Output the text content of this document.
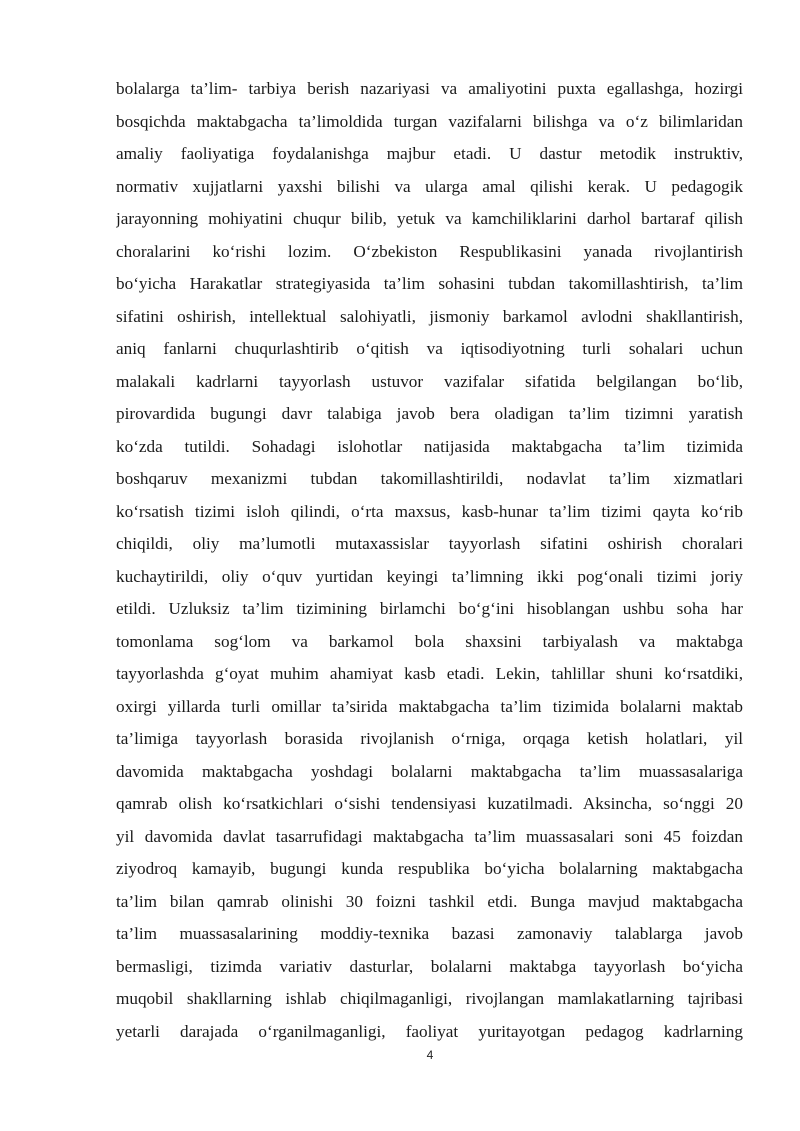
bolalarga ta’lim- tarbiya berish nazariyasi va amaliyotini puxta egallashga, hozirgi
bosqichda maktabgacha ta’limoldida turgan vazifalarni bilishga va o‘z bilimlaridan
amaliy faoliyatiga foydalanishga majbur etadi. U dastur metodik instruktiv,
normativ xujjatlarni yaxshi bilishi va ularga amal qilishi kerak. U pedagogik
jarayonning mohiyatini chuqur bilib, yetuk va kamchiliklarini darhol bartaraf qilish
choralarini ko‘rishi lozim. O‘zbekiston Respublikasini yanada rivojlantirish
bo‘yicha Harakatlar strategiyasida ta’lim sohasini tubdan takomillashtirish, ta’lim
sifatini oshirish, intellektual salohiyatli, jismoniy barkamol avlodni shakllantirish,
aniq fanlarni chuqurlashtirib o‘qitish va iqtisodiyotning turli sohalari uchun
malakali kadrlarni tayyorlash ustuvor vazifalar sifatida belgilangan bo‘lib,
pirovardida bugungi davr talabiga javob bera oladigan ta’lim tizimni yaratish
ko‘zda tutildi. Sohadagi islohotlar natijasida maktabgacha ta’lim tizimida
boshqaruv mexanizmi tubdan takomillashtirildi, nodavlat ta’lim xizmatlari
ko‘rsatish tizimi isloh qilindi, o‘rta maxsus, kasb-hunar ta’lim tizimi qayta ko‘rib
chiqildi, oliy ma’lumotli mutaxassislar tayyorlash sifatini oshirish choralari
kuchaytirildi, oliy o‘quv yurtidan keyingi ta’limning ikki pog‘onali tizimi joriy
etildi. Uzluksiz ta’lim tizimining birlamchi bo‘g‘ini hisoblangan ushbu soha har
tomonlama sog‘lom va barkamol bola shaxsini tarbiyalash va maktabga
tayyorlashda g‘oyat muhim ahamiyat kasb etadi. Lekin, tahlillar shuni ko‘rsatdiki,
oxirgi yillarda turli omillar ta’sirida maktabgacha ta’lim tizimida bolalarni maktab
ta’limiga tayyorlash borasida rivojlanish o‘rniga, orqaga ketish holatlari, yil
davomida maktabgacha yoshdagi bolalarni maktabgacha ta’lim muassasalariga
qamrab olish ko‘rsatkichlari o‘sishi tendensiyasi kuzatilmadi. Aksincha, so‘nggi 20
yil davomida davlat tasarrufidagi maktabgacha ta’lim muassasalari soni 45 foizdan
ziyodroq kamayib, bugungi kunda respublika bo‘yicha bolalarning maktabgacha
ta’lim bilan qamrab olinishi 30 foizni tashkil etdi. Bunga mavjud maktabgacha
ta’lim muassasalarining moddiy-texnika bazasi zamonaviy talablarga javob
bermasligi, tizimda variativ dasturlar, bolalarni maktabga tayyorlash bo‘yicha
muqobil shakllarning ishlab chiqilmaganligi, rivojlangan mamlakatlarning tajribasi
yetarli darajada o‘rganilmaganligi, faoliyat yuritayotgan pedagog kadrlarning
4
